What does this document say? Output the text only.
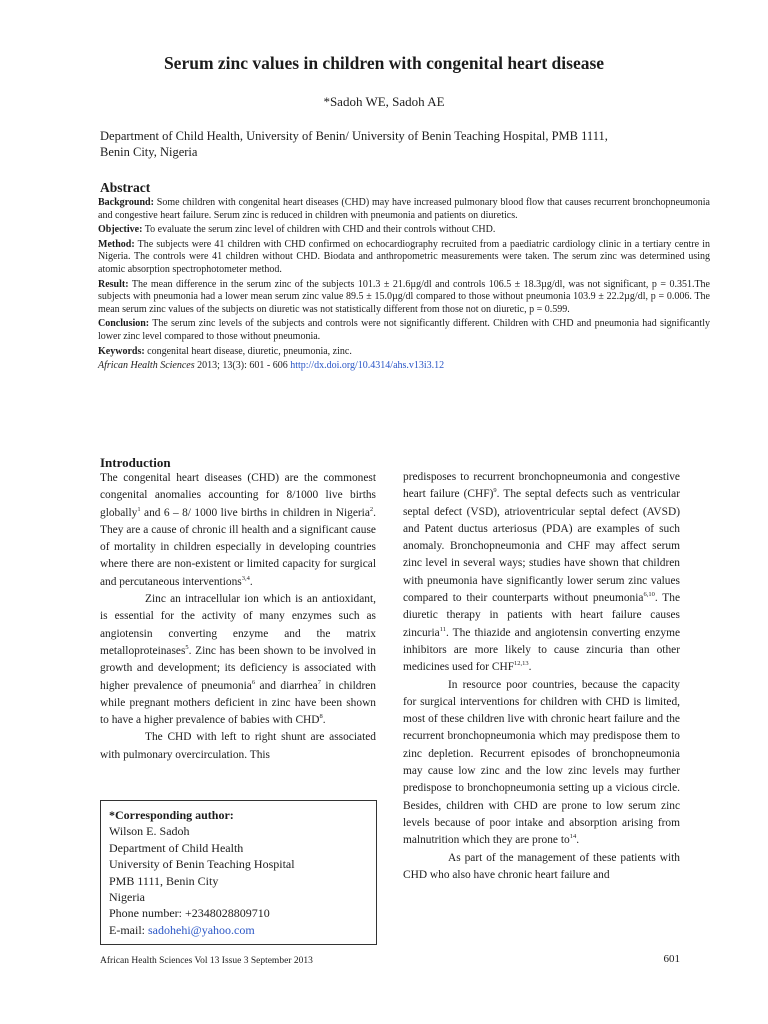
Serum zinc values in children with congenital heart disease
*Sadoh WE, Sadoh AE
Department of Child Health, University of Benin/ University of Benin Teaching Hospital, PMB 1111,
Benin City, Nigeria
Abstract

Background: Some children with congenital heart diseases (CHD) may have increased pulmonary blood flow that causes recurrent bronchopneumonia and congestive heart failure. Serum zinc is reduced in children with pneumonia and patients on diuretics.

Objective: To evaluate the serum zinc level of children with CHD and their controls without CHD.

Method: The subjects were 41 children with CHD confirmed on echocardiography recruited from a paediatric cardiology clinic in a tertiary centre in Nigeria. The controls were 41 children without CHD. Biodata and anthropometric measurements were taken. The serum zinc was determined using atomic absorption spectrophotometer method.

Result: The mean difference in the serum zinc of the subjects 101.3 ± 21.6µg/dl and controls 106.5 ± 18.3µg/dl, was not significant, p = 0.351.The subjects with pneumonia had a lower mean serum zinc value 89.5 ± 15.0µg/dl compared to those without pneumonia 103.9 ± 22.2µg/dl, p = 0.006. The mean serum zinc values of the subjects on diuretic was not statistically different from those not on diuretic, p = 0.599.

Conclusion: The serum zinc levels of the subjects and controls were not significantly different. Children with CHD and pneumonia had significantly lower zinc level compared to those without pneumonia.

Keywords: congenital heart disease, diuretic, pneumonia, zinc.

African Health Sciences 2013; 13(3): 601 - 606 http://dx.doi.org/10.4314/ahs.v13i3.12

Introduction

The congenital heart diseases (CHD) are the commonest congenital anomalies accounting for 8/1000 live births globally$^1$ and 6 – 8/ 1000 live births in children in Nigeria$^2$. They are a cause of chronic ill health and a significant cause of mortality in children especially in developing countries where there are non-existent or limited capacity for surgical and percutaneous interventions$^{3,4}$.

Zinc an intracellular ion which is an antioxidant, is essential for the activity of many enzymes such as angiotensin converting enzyme and the matrix metalloproteinases$^5$. Zinc has been shown to be involved in growth and development; its deficiency is associated with higher prevalence of pneumonia$^6$ and diarrhea$^7$ in children while pregnant mothers deficient in zinc have been shown to have a higher prevalence of babies with CHD$^8$.

The CHD with left to right shunt are associated with pulmonary overcirculation. This

*Corresponding author:
Wilson E. Sadoh
Department of Child Health
University of Benin Teaching Hospital
PMB 1111, Benin City
Nigeria
Phone number: +2348028809710
E-mail: sadohehi@yahoo.com

predisposes to recurrent bronchopneumonia and congestive heart failure (CHF)$^9$. The septal defects such as ventricular septal defect (VSD), atrioventricular septal defect (AVSD) and Patent ductus arteriosus (PDA) are examples of such anomaly. Bronchopneumonia and CHF may affect serum zinc level in several ways; studies have shown that children with pneumonia have significantly lower serum zinc values compared to their counterparts without pneumonia$^{6,10}$. The diuretic therapy in patients with heart failure causes zincuria$^{11}$. The thiazide and angiotensin converting enzyme inhibitors are more likely to cause zincuria than other medicines used for CHF$^{12,13}$.

In resource poor countries, because the capacity for surgical interventions for children with CHD is limited, most of these children live with chronic heart failure and the recurrent bronchopneumonia which may predispose them to zinc depletion. Recurrent episodes of bronchopneumonia may cause low zinc and the low zinc levels may further predispose to bronchopneumonia setting up a vicious circle. Besides, children with CHD are prone to low serum zinc levels because of poor intake and absorption arising from malnutrition which they are prone $to^{14}$.

As part of the management of these patients with CHD who also have chronic heart failure and

African Health Sciences Vol 13 Issue 3 September 2013	601
